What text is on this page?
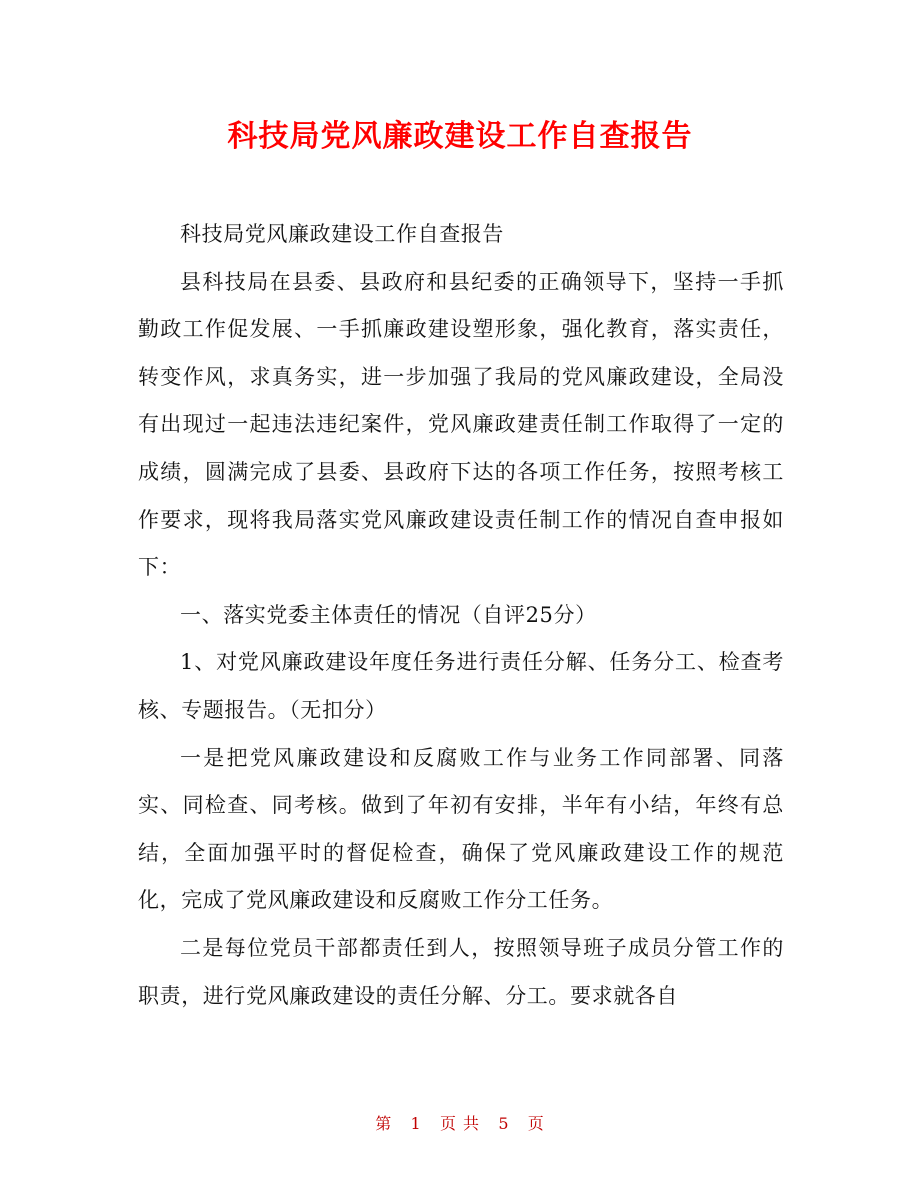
科技局党风廉政建设工作自查报告

科技局党风廉政建设工作自查报告

县科技局在县委、县政府和县纪委的正确领导下，坚持一手抓勤政工作促发展、一手抓廉政建设塑形象，强化教育，落实责任，转变作风，求真务实，进一步加强了我局的党风廉政建设，全局没有出现过一起违法违纪案件，党风廉政建责任制工作取得了一定的成绩，圆满完成了县委、县政府下达的各项工作任务，按照考核工作要求，现将我局落实党风廉政建设责任制工作的情况自查申报如下：

一、落实党委主体责任的情况（自评25分）

1、对党风廉政建设年度任务进行责任分解、任务分工、检查考核、专题报告。（无扣分）

一是把党风廉政建设和反腐败工作与业务工作同部署、同落实、同检查、同考核。做到了年初有安排，半年有小结，年终有总结，全面加强平时的督促检查，确保了党风廉政建设工作的规范化，完成了党风廉政建设和反腐败工作分工任务。

二是每位党员干部都责任到人，按照领导班子成员分管工作的职责，进行党风廉政建设的责任分解、分工。要求就各自

第 1 页 共 5 页
